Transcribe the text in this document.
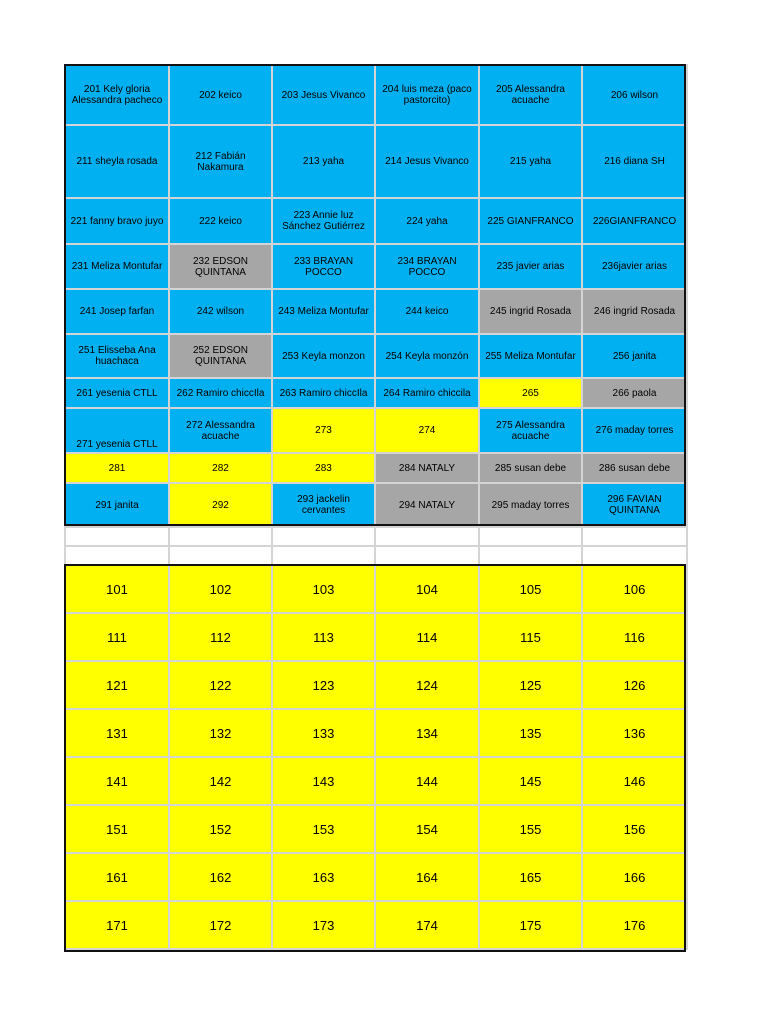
201 Kely gloria Alessandra pacheco	202 keico	203 Jesus Vivanco	204 luis meza (paco pastorcito)	205 Alessandra acuache	206 wilson
211 sheyla rosada	212 Fabián Nakamura	213 yaha	214 Jesus Vivanco	215 yaha	216 diana SH
221 fanny bravo juyo	222 keico	223 Annie luz Sánchez Gutiérrez	224 yaha	225 GIANFRANCO	226GIANFRANCO
231 Meliza Montufar	232 EDSON QUINTANA	233 BRAYAN POCCO	234 BRAYAN POCCO	235 javier arias	236javier arias
241 Josep farfan	242 wilson	243 Meliza Montufar	244 keico	245 ingrid Rosada	246 ingrid Rosada
251 Elisseba Ana huachaca	252 EDSON QUINTANA	253 Keyla monzon	254 Keyla monzón	255 Meliza Montufar	256 janita
261 yesenia CTLL	262 Ramiro chiccIla	263 Ramiro chiccIla	264 Ramiro chiccila	265	266 paola
271 yesenia CTLL	272 Alessandra acuache	273	274	275 Alessandra acuache	276 maday torres
281	282	283	284 NATALY	285 susan debe	286 susan debe
291 janita	292	293 jackelin cervantes	294 NATALY	295 maday torres	296 FAVIAN QUINTANA

101	102	103	104	105	106
111	112	113	114	115	116
121	122	123	124	125	126
131	132	133	134	135	136
141	142	143	144	145	146
151	152	153	154	155	156
161	162	163	164	165	166
171	172	173	174	175	176
